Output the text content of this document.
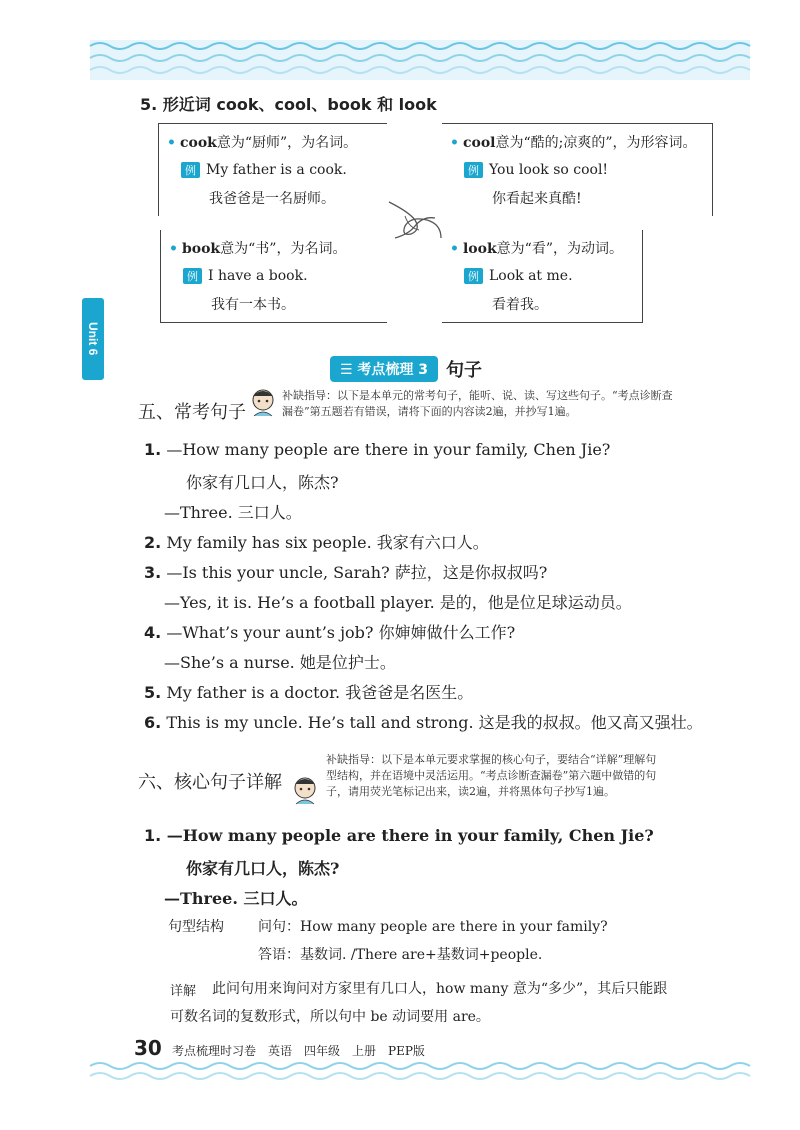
Unit 6
5. 形近词 cook、cool、book 和 look
• cook意为“厨师”，为名词。
例 My father is a cook.
我爸爸是一名厨师。
• cool意为“酷的;凉爽的”，为形容词。
例 You look so cool!
你看起来真酷!
• book意为“书”，为名词。
例 I have a book.
我有一本书。
• look意为“看”，为动词。
例 Look at me.
看着我。
☰ 考点梳理 3	句子
五、常考句子
补缺指导：以下是本单元的常考句子，能听、说、读、写这些句子。“考点诊断查
漏卷”第五题若有错误，请将下面的内容读2遍，并抄写1遍。
1. —How many people are there in your family, Chen Jie?
你家有几口人，陈杰?
—Three. 三口人。
2. My family has six people. 我家有六口人。
3. —Is this your uncle, Sarah? 萨拉，这是你叔叔吗?
—Yes, it is. He’s a football player. 是的，他是位足球运动员。
4. —What’s your aunt’s job? 你婶婶做什么工作?
—She’s a nurse. 她是位护士。
5. My father is a doctor. 我爸爸是名医生。
6. This is my uncle. He’s tall and strong. 这是我的叔叔。他又高又强壮。
六、核心句子详解
补缺指导：以下是本单元要求掌握的核心句子，要结合“详解”理解句
型结构，并在语境中灵活运用。“考点诊断查漏卷”第六题中做错的句
子，请用荧光笔标记出来，读2遍，并将黑体句子抄写1遍。
1. —How many people are there in your family, Chen Jie?
你家有几口人，陈杰?
—Three. 三口人。
句型结构 问句：How many people are there in your family?
答语：基数词. /There are+基数词+people.
详解 此问句用来询问对方家里有几口人，how many 意为“多少”，其后只能跟
可数名词的复数形式，所以句中 be 动词要用 are。
30 考点梳理时习卷　英语　四年级　上册　PEP版
